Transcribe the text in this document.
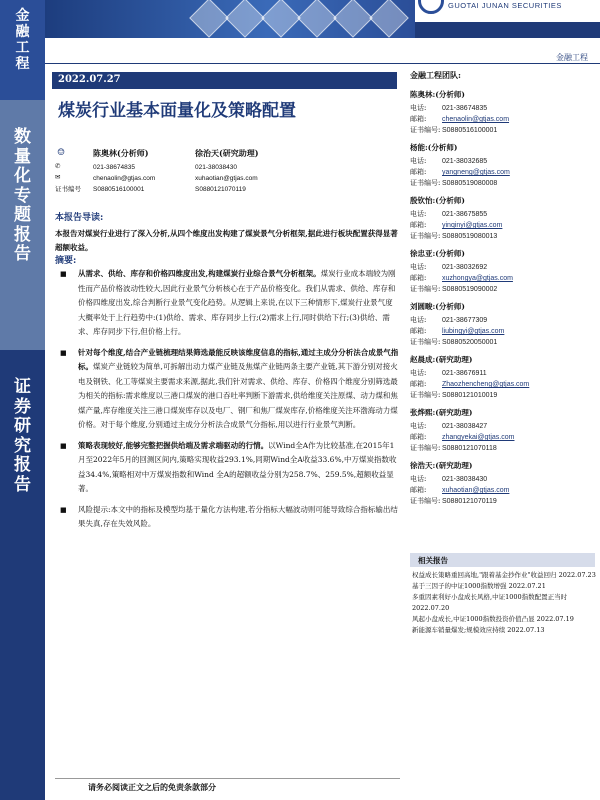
金
融
工
程
数
量
化
专
题
报
告
证
券
研
究
报
告
GUOTAI JUNAN SECURITIES
金融工程
2022.07.27
煤炭行业基本面量化及策略配置
☺
✆
✉
证书编号
陈奥林(分析师)
021-38674835
chenaolin@gtjas.com
S0880516100001
徐治天(研究助理)
021-38038430
xuhaotian@gtjas.com
S0880121070119
本报告导读:
本报告对煤炭行业进行了深入分析,从四个维度出发构建了煤炭景气分析框架,据此进行板块配置获得显著超额收益。
摘要:
■ 从需求、供给、库存和价格四维度出发,构建煤炭行业综合景气分析框架。煤炭行业成本端较为刚性而产品价格波动性较大,因此行业景气分析核心在于产品价格变化。我们从需求、供给、库存和价格四维度出发,综合判断行业景气变化趋势。从逻辑上来说,在以下三种情形下,煤炭行业景气度大概率处于上行趋势中:(1)供给、需求、库存同步上行;(2)需求上行,同时供给下行;(3)供给、需求、库存同步下行,但价格上行。
■ 针对每个维度,结合产业链梳理结果筛选最能反映该维度信息的指标,通过主成分分析法合成景气指标。煤炭产业链较为简单,可拆解出动力煤产业链及焦煤产业链两条主要产业链,其下游分别对接火电及钢铁、化工等煤炭主要需求来源,据此,我们针对需求、供给、库存、价格四个维度分别筛选最为相关的指标:需求维度以三港口煤炭的港口吞吐率判断下游需求,供给维度关注原煤、动力煤和焦煤产量,库存维度关注三港口煤炭库存以及电厂、钢厂和焦厂煤炭库存,价格维度关注环渤海动力煤价格。对于每个维度,分别通过主成分分析法合成景气分指标,用以进行行业景气判断。
■ 策略表现较好,能够完整把握供给端及需求端驱动的行情。以Wind全A作为比较基准,在2015年1月至2022年5月的回测区间内,策略实现收益293.1%,同期Wind全A收益33.6%,中万煤炭指数收益34.4%,策略相对中万煤炭指数和Wind 全A的超额收益分别为258.7%、259.5%,超额收益显著。
■ 风险提示:本文中的指标及模型均基于量化方法构建,若分指标大幅波动则可能导致综合指标输出结果失真,存在失效风险。
请务必阅读正文之后的免责条款部分
金融工程团队:
陈奥林:(分析师)
电话: 021-38674835
邮箱: chenaolin@gtjas.com
证书编号: S0880516100001
杨能:(分析师)
电话: 021-38032685
邮箱: yangneng@gtjas.com
证书编号: S0880519080008
殷钦怡:(分析师)
电话: 021-38675855
邮箱: yinqinyi@gtjas.com
证书编号: S0880519080013
徐忠亚:(分析师)
电话: 021-38032692
邮箱: xuzhongya@gtjas.com
证书编号: S0880519090002
刘圆畯:(分析师)
电话: 021-38677309
邮箱: liubingyi@gtjas.com
证书编号: S0880520050001
赵晨成:(研究助理)
电话: 021-38676911
邮箱: Zhaozhencheng@gtjas.com
证书编号: S0880121010019
张烨熙:(研究助理)
电话: 021-38038427
邮箱: zhangyekai@gtjas.com
证书编号: S0880121070118
徐浩天:(研究助理)
电话: 021-38038430
邮箱: xuhaotian@gtjas.com
证书编号: S0880121070119
相关报告
权益成长策略重回高地,"跟着基金抄作业"收益回归 2022.07.23
基于三因子的中证1000指数增强 2022.07.21
多重因素利好小盘成长风格,中证1000指数配置正当时 2022.07.20
风起小盘成长,中证1000指数投资价值凸显 2022.07.19
新能源车销量爆发;规模效应持续 2022.07.13
